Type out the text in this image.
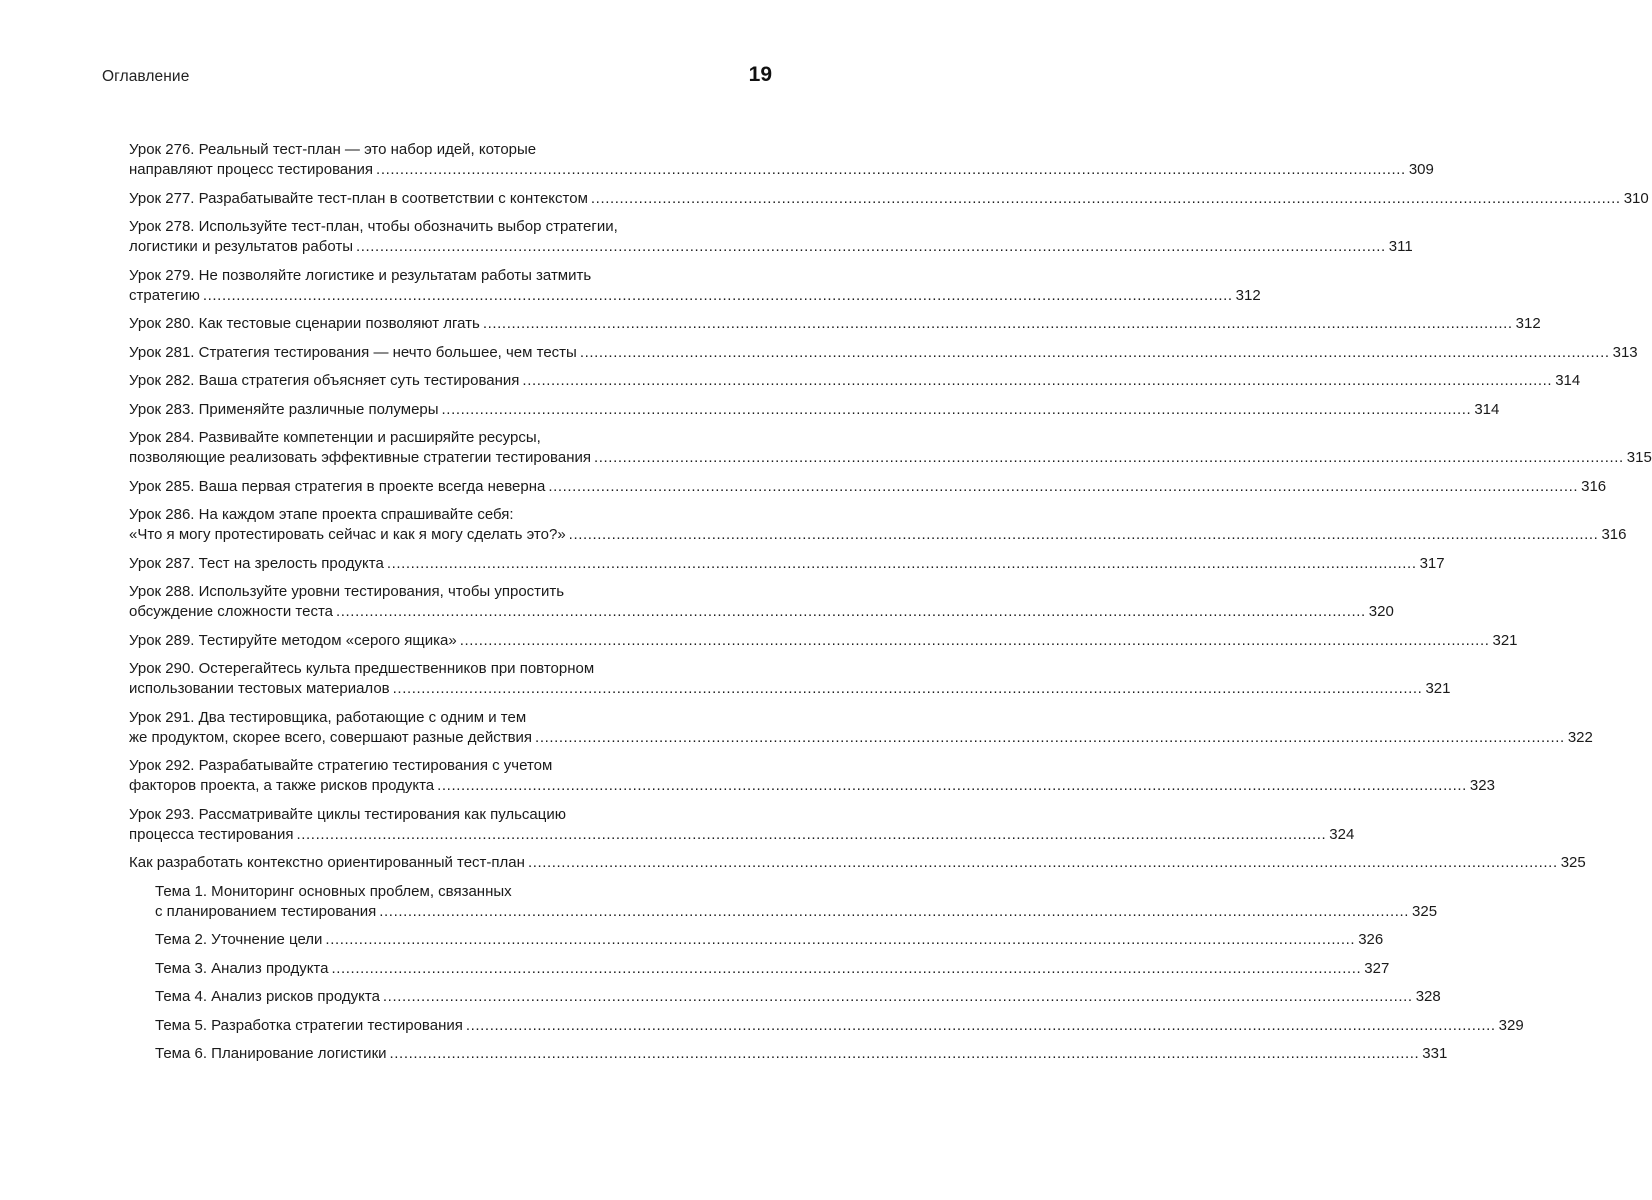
Оглавление	19
Урок 276. Реальный тест-план — это набор идей, которые
направляют процесс тестирования .....	309
Урок 277. Разрабатывайте тест-план в соответствии с контекстом .....	310
Урок 278. Используйте тест-план, чтобы обозначить выбор стратегии,
логистики и результатов работы .....	311
Урок 279. Не позволяйте логистике и результатам работы затмить
стратегию .....	312
Урок 280. Как тестовые сценарии позволяют лгать .....	312
Урок 281. Стратегия тестирования — нечто большее, чем тесты .....	313
Урок 282. Ваша стратегия объясняет суть тестирования .....	314
Урок 283. Применяйте различные полумеры .....	314
Урок 284. Развивайте компетенции и расширяйте ресурсы,
позволяющие реализовать эффективные стратегии тестирования .....	315
Урок 285. Ваша первая стратегия в проекте всегда неверна .....	316
Урок 286. На каждом этапе проекта спрашивайте себя:
«Что я могу протестировать сейчас и как я могу сделать это?» .....	316
Урок 287. Тест на зрелость продукта .....	317
Урок 288. Используйте уровни тестирования, чтобы упростить
обсуждение сложности теста .....	320
Урок 289. Тестируйте методом «серого ящика» .....	321
Урок 290. Остерегайтесь культа предшественников при повторном
использовании тестовых материалов .....	321
Урок 291. Два тестировщика, работающие с одним и тем
же продуктом, скорее всего, совершают разные действия .....	322
Урок 292. Разрабатывайте стратегию тестирования с учетом
факторов проекта, а также рисков продукта .....	323
Урок 293. Рассматривайте циклы тестирования как пульсацию
процесса тестирования .....	324
Как разработать контекстно ориентированный тест-план .....	325
Тема 1. Мониторинг основных проблем, связанных
с планированием тестирования .....	325
Тема 2. Уточнение цели .....	326
Тема 3. Анализ продукта .....	327
Тема 4. Анализ рисков продукта .....	328
Тема 5. Разработка стратегии тестирования .....	329
Тема 6. Планирование логистики .....	331
